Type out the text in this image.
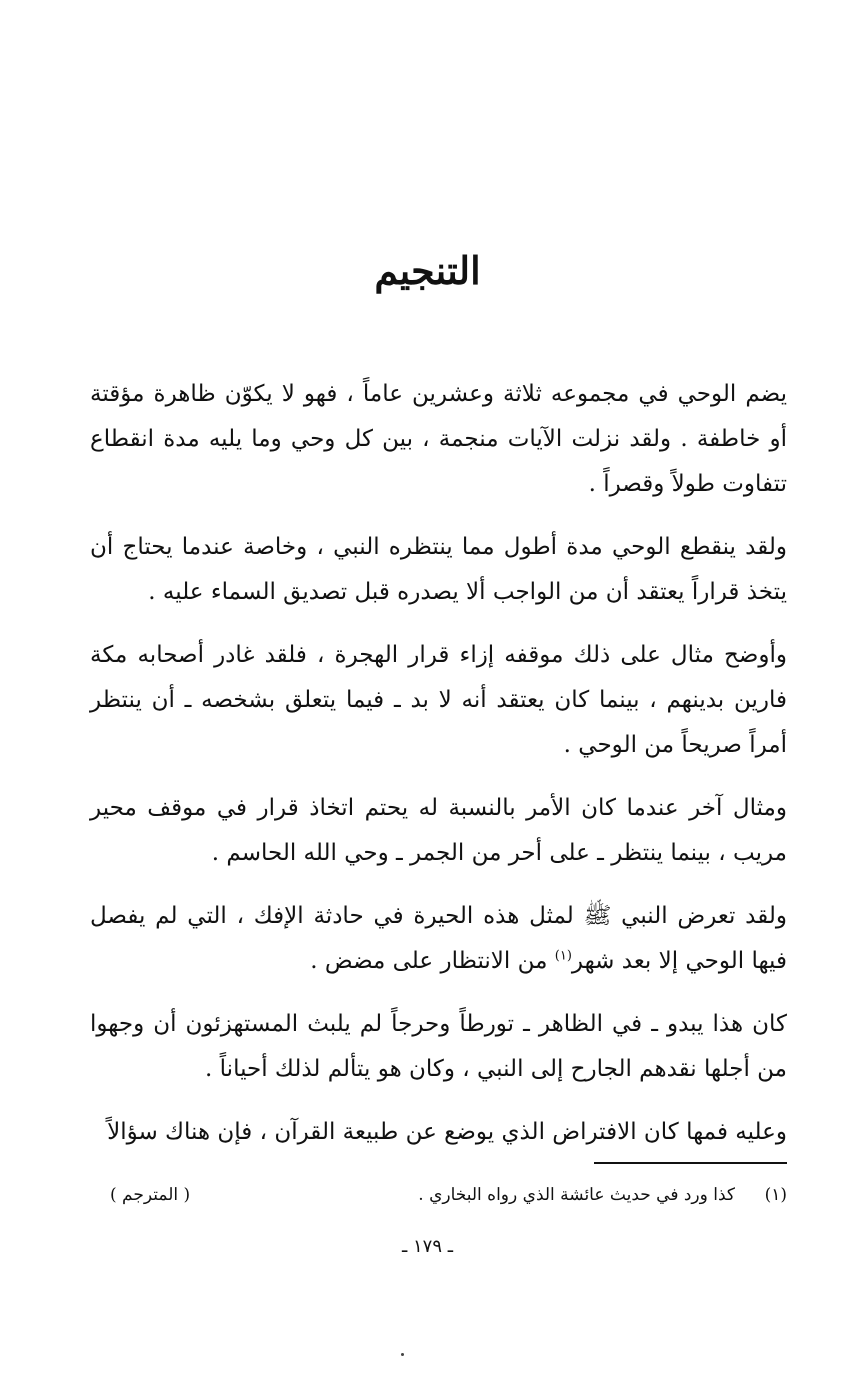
التنجيم

يضم الوحي في مجموعه ثلاثة وعشرين عاماً ، فهو لا يكوّن ظاهرة مؤقتة أو خاطفة . ولقد نزلت الآيات منجمة ، بين كل وحي وما يليه مدة انقطاع تتفاوت طولاً وقصراً .

ولقد ينقطع الوحي مدة أطول مما ينتظره النبي ، وخاصة عندما يحتاج أن يتخذ قراراً يعتقد أن من الواجب ألا يصدره قبل تصديق السماء عليه .

وأوضح مثال على ذلك موقفه إزاء قرار الهجرة ، فلقد غادر أصحابه مكة فارين بدينهم ، بينما كان يعتقد أنه لا بد ـ فيما يتعلق بشخصه ـ أن ينتظر أمراً صريحاً من الوحي .

ومثال آخر عندما كان الأمر بالنسبة له يحتم اتخاذ قرار في موقف محير مريب ، بينما ينتظر ـ على أحر من الجمر ـ وحي الله الحاسم .

ولقد تعرض النبي ﷺ لمثل هذه الحيرة في حادثة الإفك ، التي لم يفصل فيها الوحي إلا بعد شهر$^{(١)}$ من الانتظار على مضض .

كان هذا يبدو ـ في الظاهر ـ تورطاً وحرجاً لم يلبث المستهزئون أن وجهوا من أجلها نقدهم الجارح إلى النبي ، وكان هو يتألم لذلك أحياناً .

وعليه فمها كان الافتراض الذي يوضع عن طبيعة القرآن ، فإن هناك سؤالاً

(١)
كذا ورد في حديث عائشة الذي رواه البخاري .
( المترجم )
ـ ١٧٩ ـ
